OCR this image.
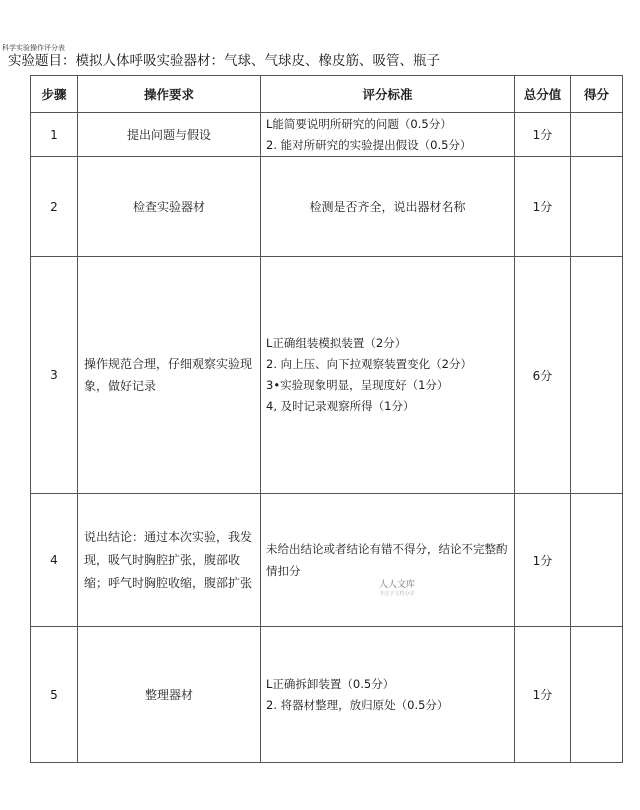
科学实验操作评分表
实验题目：模拟人体呼吸实验器材：气球、气球皮、橡皮筋、吸管、瓶子
步骤	操作要求	评分标准	总分值	得分
1	提出问题与假设	L能简要说明所研究的问题（0.5分）
2. 能对所研究的实验提出假设（0.5分）	1分	
2	检查实验器材	检测是否齐全，说出器材名称	1分	
3	操作规范合理，仔细观察实验现象，做好记录	L正确组装模拟装置（2分）
2. 向上压、向下拉观察装置变化（2分）
3•实验现象明显，呈现度好（1分）
4, 及时记录观察所得（1分）	6分	
4	说出结论：通过本次实验，我发现，吸气时胸腔扩张，腹部收缩；呼气时胸腔收缩，腹部扩张	未给出结论或者结论有错不得分，结论不完整酌情扣分	1分	
5	整理器材	L正确拆卸装置（0.5分）
2. 将器材整理，放归原处（0.5分）	1分	
人人文库
专注于文档分享
